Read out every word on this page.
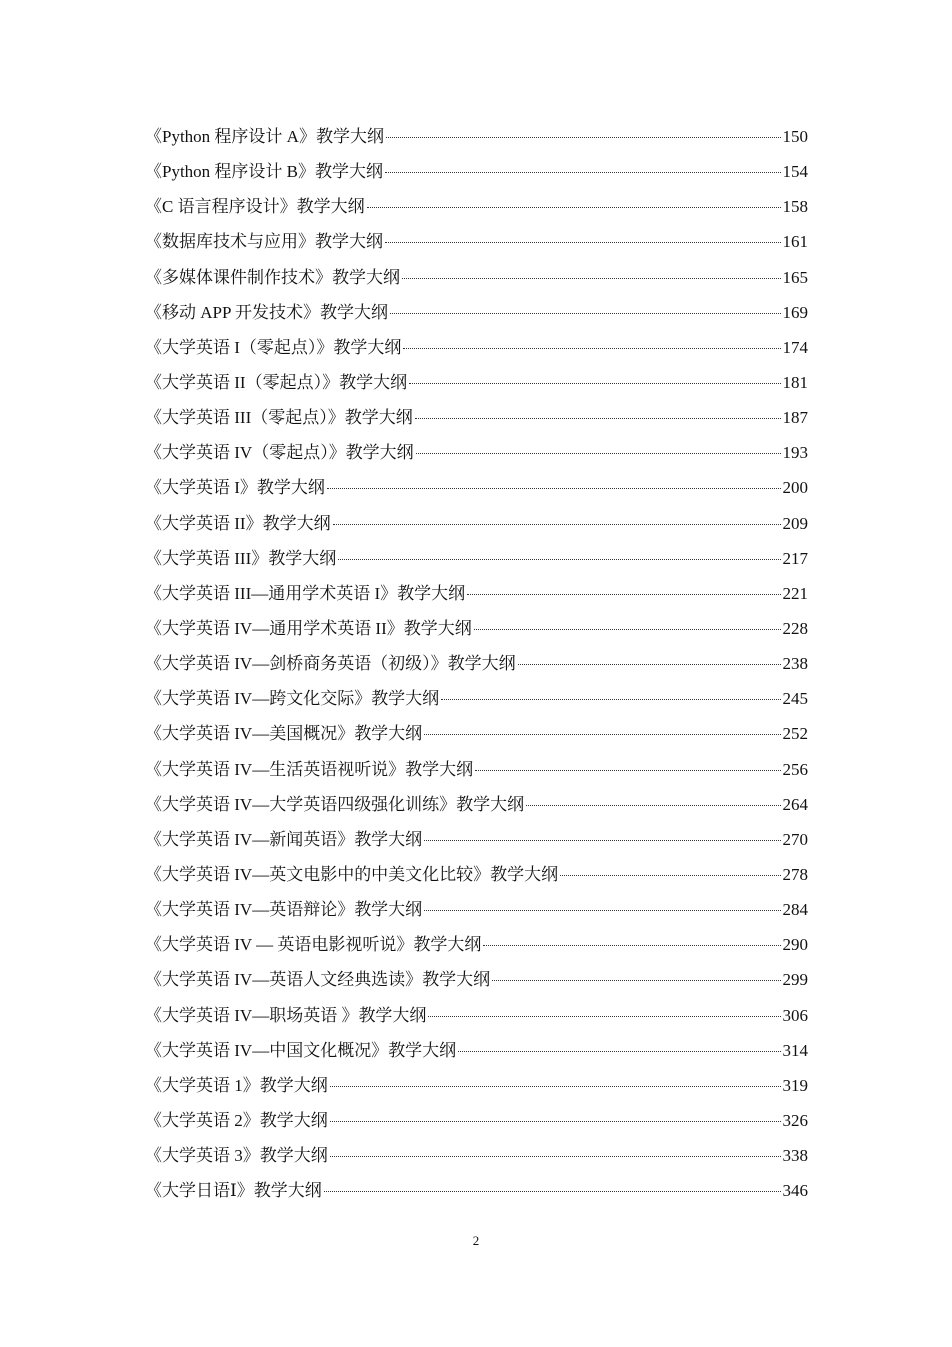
《Python 程序设计 A》教学大纲	150
《Python 程序设计 B》教学大纲	154
《C 语言程序设计》教学大纲	158
《数据库技术与应用》教学大纲	161
《多媒体课件制作技术》教学大纲	165
《移动 APP 开发技术》教学大纲	169
《大学英语 I（零起点）》教学大纲	174
《大学英语 II（零起点）》教学大纲	181
《大学英语 III（零起点）》教学大纲	187
《大学英语 IV（零起点）》教学大纲	193
《大学英语 I》教学大纲	200
《大学英语 II》教学大纲	209
《大学英语 III》教学大纲	217
《大学英语 III—通用学术英语 I》教学大纲	221
《大学英语 IV—通用学术英语 II》教学大纲	228
《大学英语 IV—剑桥商务英语（初级）》教学大纲	238
《大学英语 IV—跨文化交际》教学大纲	245
《大学英语 IV—美国概况》教学大纲	252
《大学英语 IV—生活英语视听说》教学大纲	256
《大学英语 IV—大学英语四级强化训练》教学大纲	264
《大学英语 IV—新闻英语》教学大纲	270
《大学英语 IV—英文电影中的中美文化比较》教学大纲	278
《大学英语 IV—英语辩论》教学大纲	284
《大学英语 IV — 英语电影视听说》教学大纲	290
《大学英语 IV—英语人文经典选读》教学大纲	299
《大学英语 IV—职场英语 》教学大纲	306
《大学英语 IV—中国文化概况》教学大纲	314
《大学英语 1》教学大纲	319
《大学英语 2》教学大纲	326
《大学英语 3》教学大纲	338
《大学日语Ⅰ》教学大纲	346
2
